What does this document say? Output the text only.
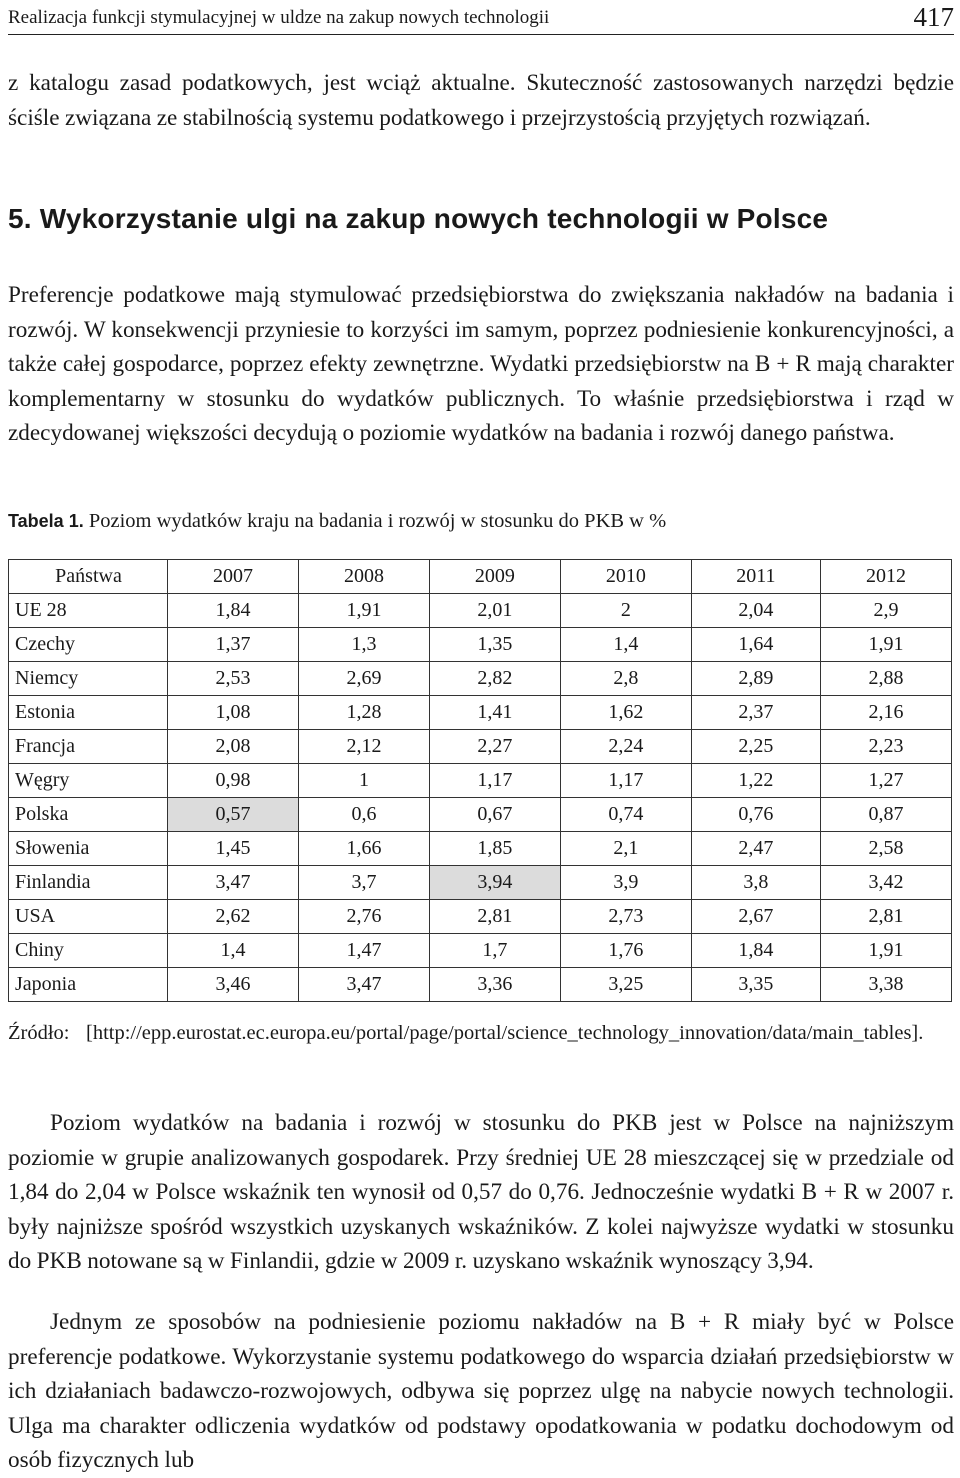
Realizacja funkcji stymulacyjnej w uldze na zakup nowych technologii	417

z katalogu zasad podatkowych, jest wciąż aktualne. Skuteczność zastosowanych narzędzi będzie ściśle związana ze stabilnością systemu podatkowego i przejrzystością przyjętych rozwiązań.

5. Wykorzystanie ulgi na zakup nowych technologii w Polsce

Preferencje podatkowe mają stymulować przedsiębiorstwa do zwiększania nakładów na badania i rozwój. W konsekwencji przyniesie to korzyści im samym, poprzez podniesienie konkurencyjności, a także całej gospodarce, poprzez efekty zewnętrzne. Wydatki przedsiębiorstw na B + R mają charakter komplementarny w stosunku do wydatków publicznych. To właśnie przedsiębiorstwa i rząd w zdecydowanej większości decydują o poziomie wydatków na badania i rozwój danego państwa.

Tabela 1. Poziom wydatków kraju na badania i rozwój w stosunku do PKB w %

Państwa	2007	2008	2009	2010	2011	2012
UE 28	1,84	1,91	2,01	2	2,04	2,9
Czechy	1,37	1,3	1,35	1,4	1,64	1,91
Niemcy	2,53	2,69	2,82	2,8	2,89	2,88
Estonia	1,08	1,28	1,41	1,62	2,37	2,16
Francja	2,08	2,12	2,27	2,24	2,25	2,23
Węgry	0,98	1	1,17	1,17	1,22	1,27
Polska	0,57	0,6	0,67	0,74	0,76	0,87
Słowenia	1,45	1,66	1,85	2,1	2,47	2,58
Finlandia	3,47	3,7	3,94	3,9	3,8	3,42
USA	2,62	2,76	2,81	2,73	2,67	2,81
Chiny	1,4	1,47	1,7	1,76	1,84	1,91
Japonia	3,46	3,47	3,36	3,25	3,35	3,38
Źródło: [http://epp.eurostat.ec.europa.eu/portal/page/portal/science_technology_innovation/data/main_tables].

Poziom wydatków na badania i rozwój w stosunku do PKB jest w Polsce na najniższym poziomie w grupie analizowanych gospodarek. Przy średniej UE 28 mieszczącej się w przedziale od 1,84 do 2,04 w Polsce wskaźnik ten wynosił od 0,57 do 0,76. Jednocześnie wydatki B + R w 2007 r. były najniższe spośród wszystkich uzyskanych wskaźników. Z kolei najwyższe wydatki w stosunku do PKB notowane są w Finlandii, gdzie w 2009 r. uzyskano wskaźnik wynoszący 3,94.

Jednym ze sposobów na podniesienie poziomu nakładów na B + R miały być w Polsce preferencje podatkowe. Wykorzystanie systemu podatkowego do wsparcia działań przedsiębiorstw w ich działaniach badawczo-rozwojowych, odbywa się poprzez ulgę na nabycie nowych technologii. Ulga ma charakter odliczenia wydatków od podstawy opodatkowania w podatku dochodowym od osób fizycznych lub
